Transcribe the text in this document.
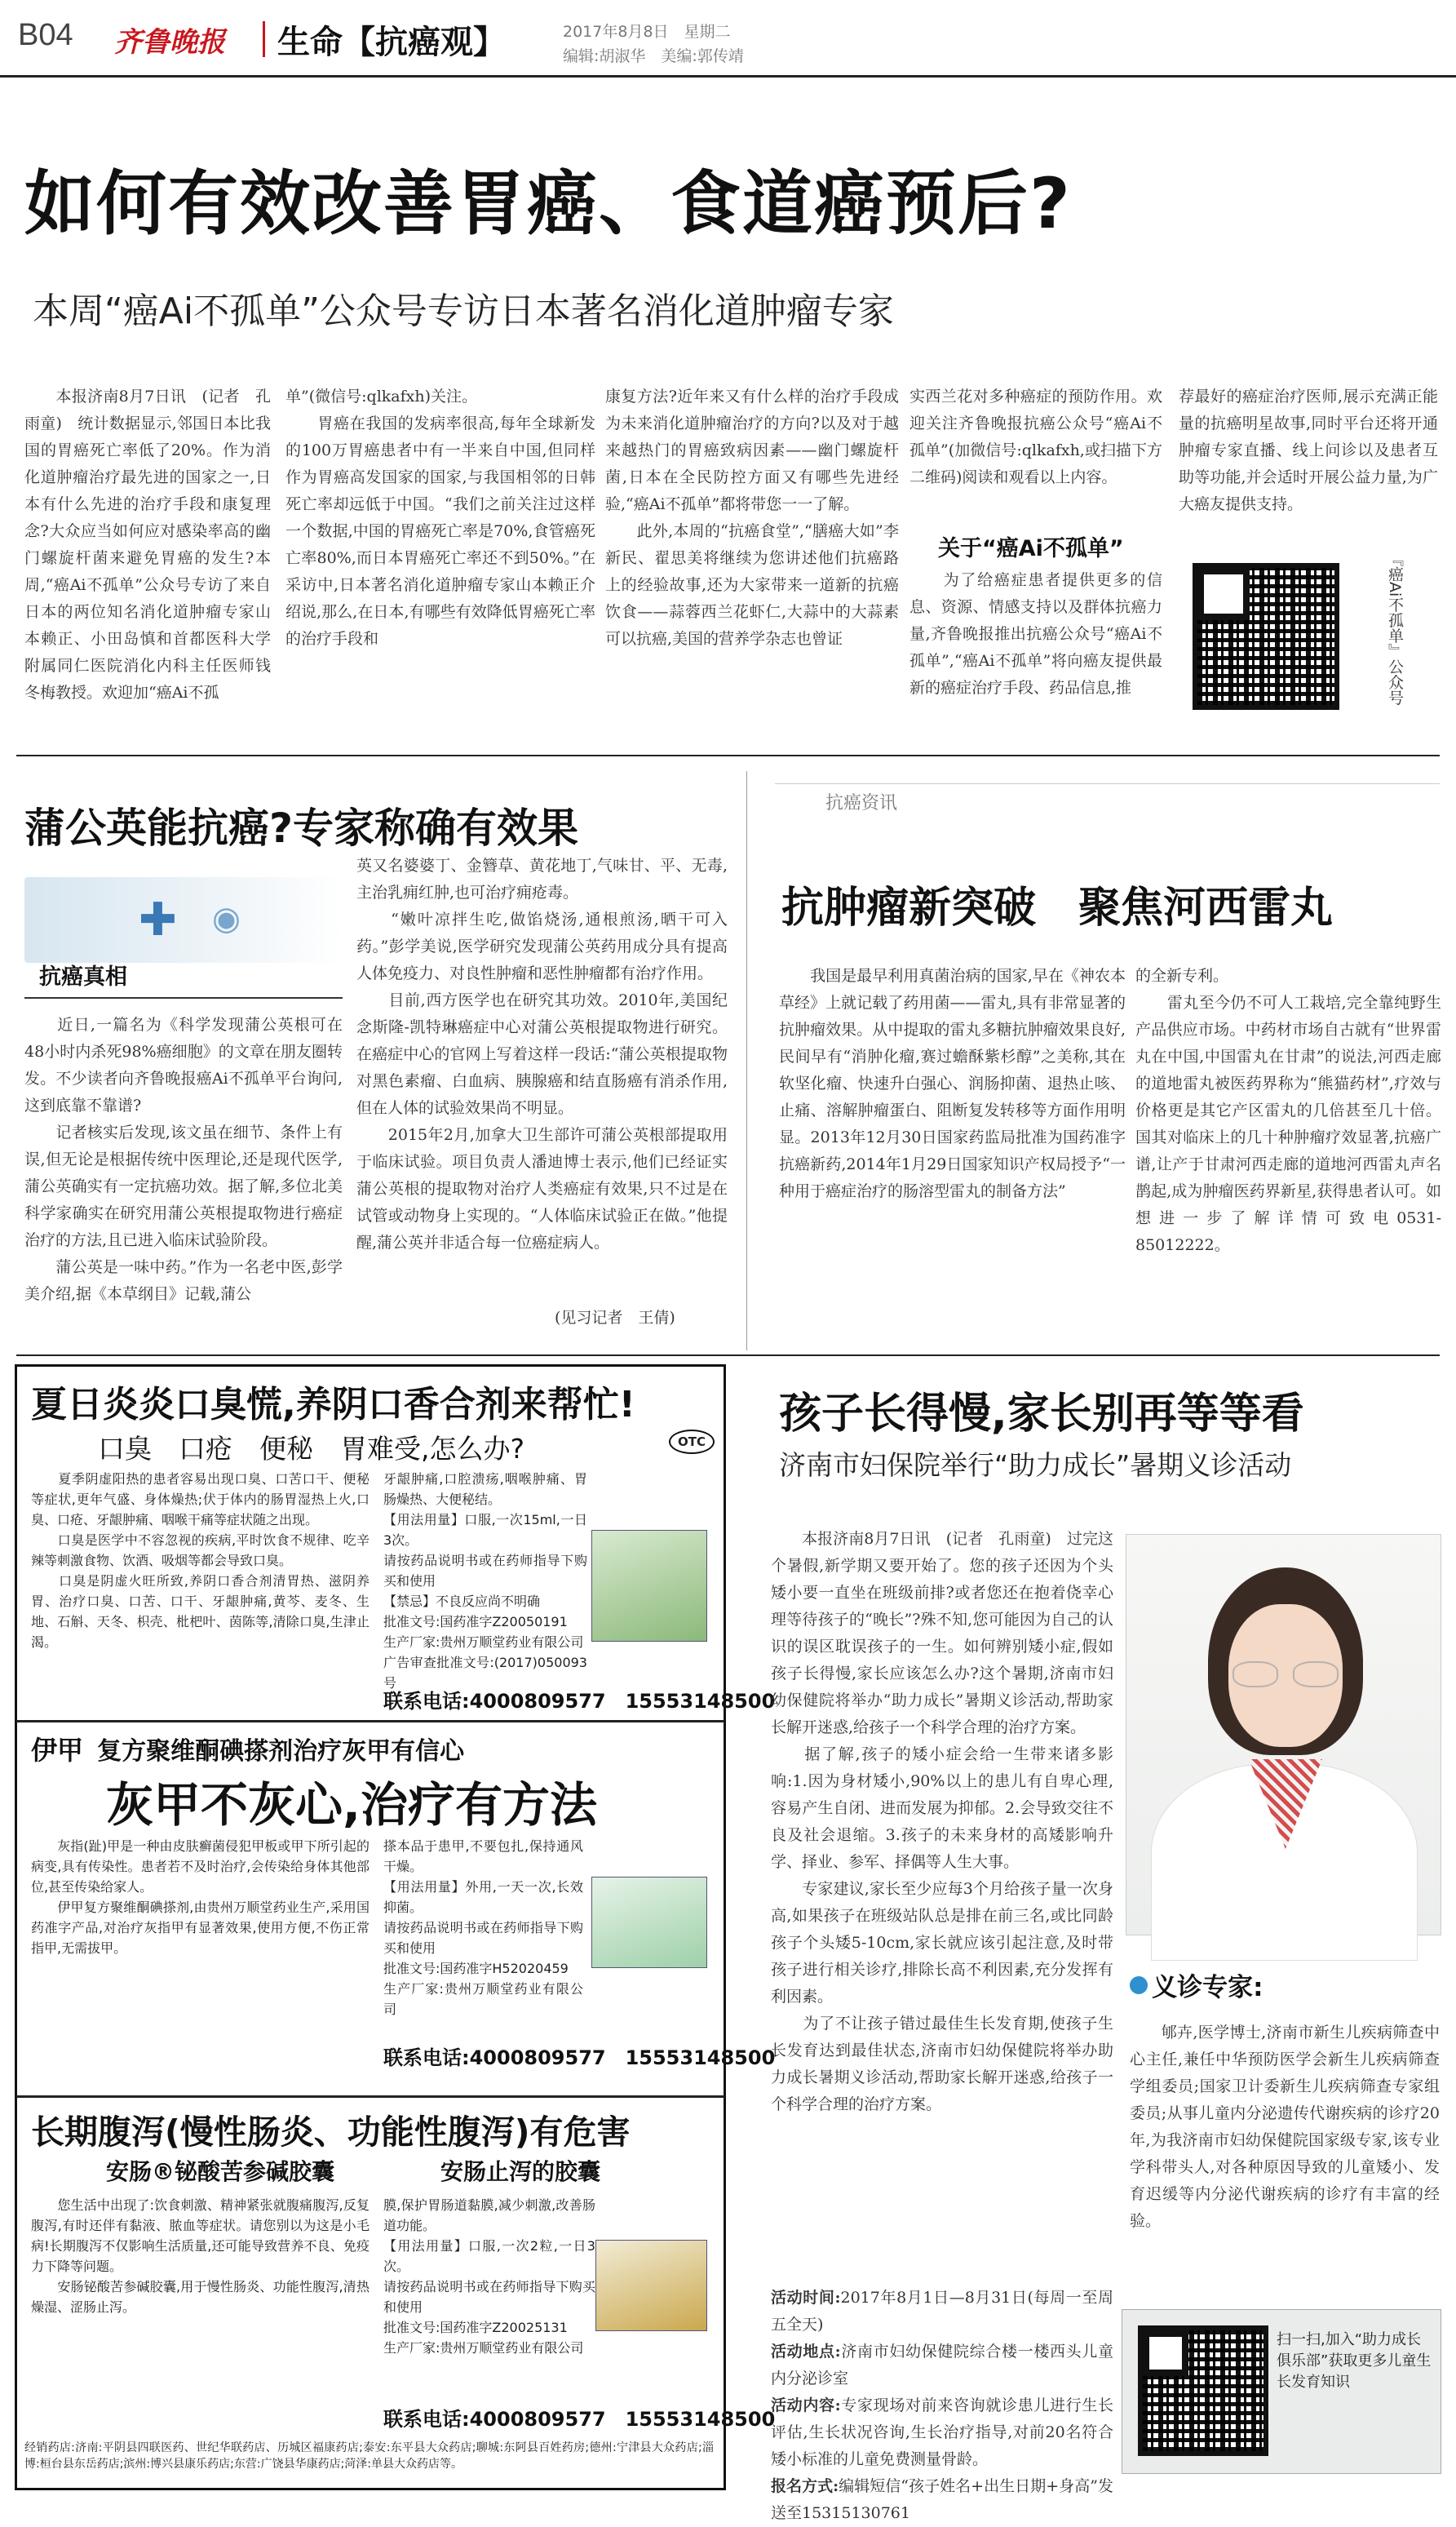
B04 齐鲁晚报 生命【抗癌观】	2017年8月8日　星期二
编辑:胡淑华　美编:郭传靖
如何有效改善胃癌、食道癌预后?
本周“癌Ai不孤单”公众号专访日本著名消化道肿瘤专家
　　本报济南8月7日讯　(记者　孔雨童)　统计数据显示,邻国日本比我国的胃癌死亡率低了20%。作为消化道肿瘤治疗最先进的国家之一,日本有什么先进的治疗手段和康复理念?大众应当如何应对感染率高的幽门螺旋杆菌来避免胃癌的发生?本周,“癌Ai不孤单”公众号专访了来自日本的两位知名消化道肿瘤专家山本赖正、小田岛慎和首都医科大学附属同仁医院消化内科主任医师钱冬梅教授。欢迎加“癌Ai不孤
单”(微信号:qlkafxh)关注。
　　胃癌在我国的发病率很高,每年全球新发的100万胃癌患者中有一半来自中国,但同样作为胃癌高发国家的国家,与我国相邻的日韩死亡率却远低于中国。“我们之前关注过这样一个数据,中国的胃癌死亡率是70%,食管癌死亡率80%,而日本胃癌死亡率还不到50%。”在采访中,日本著名消化道肿瘤专家山本赖正介绍说,那么,在日本,有哪些有效降低胃癌死亡率的治疗手段和
康复方法?近年来又有什么样的治疗手段成为未来消化道肿瘤治疗的方向?以及对于越来越热门的胃癌致病因素——幽门螺旋杆菌,日本在全民防控方面又有哪些先进经验,“癌Ai不孤单”都将带您一一了解。
　　此外,本周的“抗癌食堂”,“膳癌大如”李新民、翟思美将继续为您讲述他们抗癌路上的经验故事,还为大家带来一道新的抗癌饮食——蒜蓉西兰花虾仁,大蒜中的大蒜素可以抗癌,美国的营养学杂志也曾证
实西兰花对多种癌症的预防作用。欢迎关注齐鲁晚报抗癌公众号“癌Ai不孤单”(加微信号:qlkafxh,或扫描下方二维码)阅读和观看以上内容。
关于“癌Ai不孤单”
　　为了给癌症患者提供更多的信息、资源、情感支持以及群体抗癌力量,齐鲁晚报推出抗癌公众号“癌Ai不孤单”,“癌Ai不孤单”将向癌友提供最新的癌症治疗手段、药品信息,推
荐最好的癌症治疗医师,展示充满正能量的抗癌明星故事,同时平台还将开通肿瘤专家直播、线上问诊以及患者互助等功能,并会适时开展公益力量,为广大癌友提供支持。
『癌Ai不孤单』公众号
蒲公英能抗癌?专家称确有效果
✚ ◉
抗癌真相
　　近日,一篇名为《科学发现蒲公英根可在48小时内杀死98%癌细胞》的文章在朋友圈转发。不少读者向齐鲁晚报癌Ai不孤单平台询问,这到底靠不靠谱?
　　记者核实后发现,该文虽在细节、条件上有误,但无论是根据传统中医理论,还是现代医学,蒲公英确实有一定抗癌功效。据了解,多位北美科学家确实在研究用蒲公英根提取物进行癌症治疗的方法,且已进入临床试验阶段。
　　蒲公英是一味中药。”作为一名老中医,彭学美介绍,据《本草纲目》记载,蒲公
英又名婆婆丁、金簪草、黄花地丁,气味甘、平、无毒,主治乳痈红肿,也可治疗痈疮毒。
　　“嫩叶凉拌生吃,做馅烧汤,通根煎汤,晒干可入药。”彭学美说,医学研究发现蒲公英药用成分具有提高人体免疫力、对良性肿瘤和恶性肿瘤都有治疗作用。
　　目前,西方医学也在研究其功效。2010年,美国纪念斯隆-凯特琳癌症中心对蒲公英根提取物进行研究。在癌症中心的官网上写着这样一段话:“蒲公英根提取物对黑色素瘤、白血病、胰腺癌和结直肠癌有消杀作用,但在人体的试验效果尚不明显。
　　2015年2月,加拿大卫生部许可蒲公英根部提取用于临床试验。项目负责人潘迪博士表示,他们已经证实蒲公英根的提取物对治疗人类癌症有效果,只不过是在试管或动物身上实现的。“人体临床试验正在做。”他提醒,蒲公英并非适合每一位癌症病人。
(见习记者　王倩)
抗癌资讯
抗肿瘤新突破　聚焦河西雷丸
　　我国是最早利用真菌治病的国家,早在《神农本草经》上就记载了药用菌——雷丸,具有非常显著的抗肿瘤效果。从中提取的雷丸多糖抗肿瘤效果良好,民间早有“消肿化瘤,赛过蟾酥紫杉醇”之美称,其在软坚化瘤、快速升白强心、润肠抑菌、退热止咳、止痛、溶解肿瘤蛋白、阻断复发转移等方面作用明显。2013年12月30日国家药监局批准为国药准字抗癌新药,2014年1月29日国家知识产权局授予“一种用于癌症治疗的肠溶型雷丸的制备方法”
的全新专利。
　　雷丸至今仍不可人工栽培,完全靠纯野生产品供应市场。中药材市场自古就有“世界雷丸在中国,中国雷丸在甘肃”的说法,河西走廊的道地雷丸被医药界称为“熊猫药材”,疗效与价格更是其它产区雷丸的几倍甚至几十倍。国其对临床上的几十种肿瘤疗效显著,抗癌广谱,让产于甘肃河西走廊的道地河西雷丸声名鹊起,成为肿瘤医药界新星,获得患者认可。如想进一步了解详情可致电0531-85012222。
夏日炎炎口臭慌,养阴口香合剂来帮忙!
口臭　口疮　便秘　胃难受,怎么办?	OTC
　　夏季阴虚阳热的患者容易出现口臭、口苦口干、便秘等症状,更年气盛、身体燥热;伏于体内的肠胃湿热上火,口臭、口疮、牙龈肿痛、咽喉干痛等症状随之出现。
　　口臭是医学中不容忽视的疾病,平时饮食不规律、吃辛辣等刺激食物、饮酒、吸烟等都会导致口臭。
　　口臭是阴虚火旺所致,养阴口香合剂清胃热、滋阴养胃、治疗口臭、口苦、口干、牙龈肿痛,黄芩、麦冬、生地、石斛、天冬、枳壳、枇杷叶、茵陈等,清除口臭,生津止渴。
牙龈肿痛,口腔溃疡,咽喉肿痛、胃肠燥热、大便秘结。
【用法用量】口服,一次15ml,一日3次。
请按药品说明书或在药师指导下购买和使用
【禁忌】不良反应尚不明确
批准文号:国药准字Z20050191
生产厂家:贵州万顺堂药业有限公司
广告审查批准文号:(2017)050093号
联系电话:4000809577　15553148500
伊甲 复方聚维酮碘搽剂治疗灰甲有信心
灰甲不灰心,治疗有方法
　　灰指(趾)甲是一种由皮肤癣菌侵犯甲板或甲下所引起的病变,具有传染性。患者若不及时治疗,会传染给身体其他部位,甚至传染给家人。
　　伊甲复方聚维酮碘搽剂,由贵州万顺堂药业生产,采用国药准字产品,对治疗灰指甲有显著效果,使用方便,不伤正常指甲,无需拔甲。
搽本品于患甲,不要包扎,保持通风干燥。
【用法用量】外用,一天一次,长效抑菌。
请按药品说明书或在药师指导下购买和使用
批准文号:国药准字H52020459
生产厂家:贵州万顺堂药业有限公司
联系电话:4000809577　15553148500
长期腹泻(慢性肠炎、功能性腹泻)有危害
安肠®铋酸苦参碱胶囊	安肠止泻的胶囊
　　您生活中出现了:饮食刺激、精神紧张就腹痛腹泻,反复腹泻,有时还伴有黏液、脓血等症状。请您别以为这是小毛病!长期腹泻不仅影响生活质量,还可能导致营养不良、免疫力下降等问题。
　　安肠铋酸苦参碱胶囊,用于慢性肠炎、功能性腹泻,清热燥湿、涩肠止泻。
膜,保护胃肠道黏膜,减少刺激,改善肠道功能。
【用法用量】口服,一次2粒,一日3次。
请按药品说明书或在药师指导下购买和使用
批准文号:国药准字Z20025131
生产厂家:贵州万顺堂药业有限公司
联系电话:4000809577　15553148500
经销药店:济南:平阴县四联医药、世纪华联药店、历城区福康药店;泰安:东平县大众药店;聊城:东阿县百姓药房;德州:宁津县大众药店;淄博:桓台县东岳药店;滨州:博兴县康乐药店;东营:广饶县华康药店;菏泽:单县大众药店等。
孩子长得慢,家长别再等等看
济南市妇保院举行“助力成长”暑期义诊活动
　　本报济南8月7日讯　(记者　孔雨童)　过完这个暑假,新学期又要开始了。您的孩子还因为个头矮小要一直坐在班级前排?或者您还在抱着侥幸心理等待孩子的“晚长”?殊不知,您可能因为自己的认识的误区耽误孩子的一生。如何辨别矮小症,假如孩子长得慢,家长应该怎么办?这个暑期,济南市妇幼保健院将举办“助力成长”暑期义诊活动,帮助家长解开迷惑,给孩子一个科学合理的治疗方案。
　　据了解,孩子的矮小症会给一生带来诸多影响:1.因为身材矮小,90%以上的患儿有自卑心理,容易产生自闭、进而发展为抑郁。2.会导致交往不良及社会退缩。3.孩子的未来身材的高矮影响升学、择业、参军、择偶等人生大事。
　　专家建议,家长至少应每3个月给孩子量一次身高,如果孩子在班级站队总是排在前三名,或比同龄孩子个头矮5-10cm,家长就应该引起注意,及时带孩子进行相关诊疗,排除长高不利因素,充分发挥有利因素。
　　为了不让孩子错过最佳生长发育期,使孩子生长发育达到最佳状态,济南市妇幼保健院将举办助力成长暑期义诊活动,帮助家长解开迷惑,给孩子一个科学合理的治疗方案。
活动时间:2017年8月1日—8月31日(每周一至周五全天)
活动地点:济南市妇幼保健院综合楼一楼西头儿童内分泌诊室
活动内容:专家现场对前来咨询就诊患儿进行生长评估,生长状况咨询,生长治疗指导,对前20名符合矮小标准的儿童免费测量骨龄。
报名方式:编辑短信“孩子姓名+出生日期+身高”发送至15315130761
义诊专家:
　　郇卉,医学博士,济南市新生儿疾病筛查中心主任,兼任中华预防医学会新生儿疾病筛查学组委员;国家卫计委新生儿疾病筛查专家组委员;从事儿童内分泌遗传代谢疾病的诊疗20年,为我济南市妇幼保健院国家级专家,该专业学科带头人,对各种原因导致的儿童矮小、发育迟缓等内分泌代谢疾病的诊疗有丰富的经验。
扫一扫,加入“助力成长俱乐部”获取更多儿童生长发育知识
